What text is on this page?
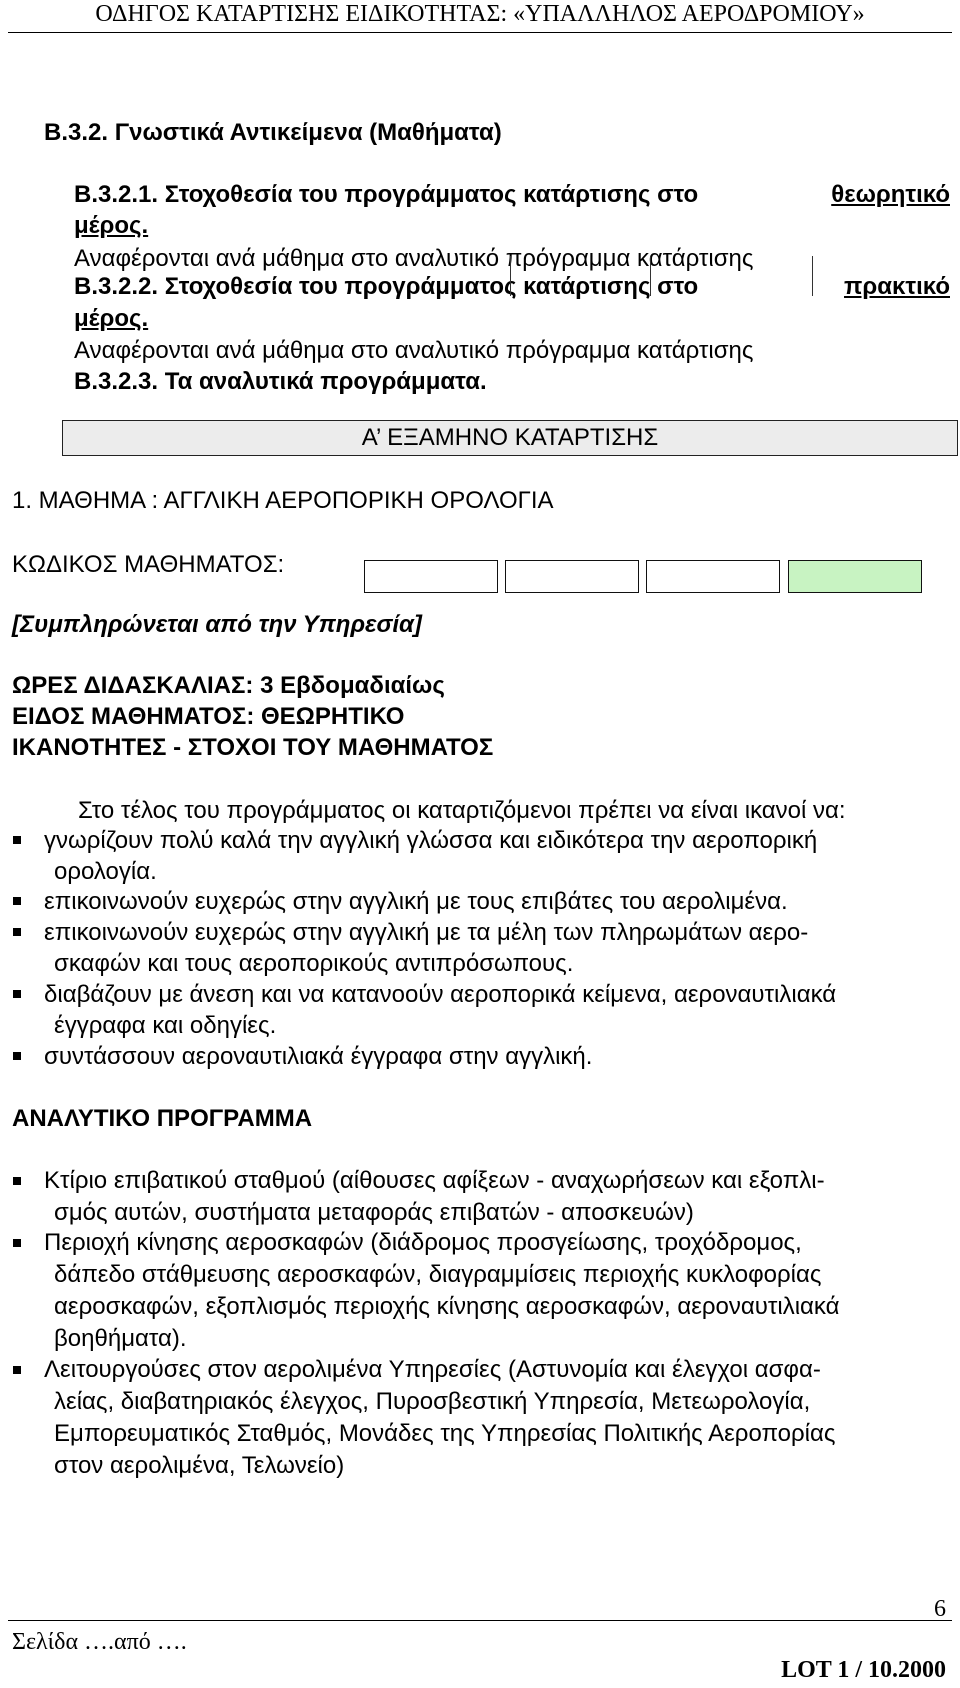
ΟΔΗΓΟΣ ΚΑΤΑΡΤΙΣΗΣ ΕΙΔΙΚΟΤΗΤΑΣ: «ΥΠΑΛΛΗΛΟΣ ΑΕΡΟΔΡΟΜΙΟΥ»
Β.3.2. Γνωστικά Αντικείμενα (Μαθήματα)
Β.3.2.1. Στοχοθεσία του προγράμματος κατάρτισης στο	θεωρητικό
μέρος.
Αναφέρονται ανά μάθημα στο αναλυτικό πρόγραμμα κατάρτισης
Β.3.2.2. Στοχοθεσία του προγράμματος κατάρτισης στο	πρακτικό
μέρος.
Αναφέρονται ανά μάθημα στο αναλυτικό πρόγραμμα κατάρτισης
Β.3.2.3. Τα αναλυτικά προγράμματα.
Α’ ΕΞΑΜΗΝΟ ΚΑΤΑΡΤΙΣΗΣ
1. ΜΑΘΗΜΑ : ΑΓΓΛΙΚΗ ΑΕΡΟΠΟΡΙΚΗ ΟΡΟΛΟΓΙΑ
ΚΩΔΙΚΟΣ ΜΑΘΗΜΑΤΟΣ:
[Συμπληρώνεται από την Υπηρεσία]
ΩΡΕΣ ΔΙΔΑΣΚΑΛΙΑΣ: 3 Εβδομαδιαίως
ΕΙΔΟΣ ΜΑΘΗΜΑΤΟΣ: ΘΕΩΡΗΤΙΚΟ
ΙΚΑΝΟΤΗΤΕΣ - ΣΤΟΧΟΙ ΤΟΥ ΜΑΘΗΜΑΤΟΣ
Στο τέλος του προγράμματος οι καταρτιζόμενοι πρέπει να είναι ικανοί να:
γνωρίζουν πολύ καλά την αγγλική γλώσσα και ειδικότερα την αεροπορική
ορολογία.
επικοινωνούν ευχερώς στην αγγλική με τους επιβάτες του αερολιμένα.
επικοινωνούν ευχερώς στην αγγλική με τα μέλη των πληρωμάτων αερο-
σκαφών και τους αεροπορικούς αντιπρόσωπους.
διαβάζουν με άνεση και να κατανοούν αεροπορικά κείμενα, αεροναυτιλιακά
έγγραφα και οδηγίες.
συντάσσουν αεροναυτιλιακά έγγραφα στην αγγλική.
ΑΝΑΛΥΤΙΚΟ ΠΡΟΓΡΑΜΜΑ
Κτίριο επιβατικού σταθμού (αίθουσες αφίξεων - αναχωρήσεων και εξοπλι-
σμός αυτών, συστήματα μεταφοράς επιβατών - αποσκευών)
Περιοχή κίνησης αεροσκαφών (διάδρομος προσγείωσης, τροχόδρομος,
δάπεδο στάθμευσης αεροσκαφών, διαγραμμίσεις περιοχής κυκλοφορίας
αεροσκαφών, εξοπλισμός περιοχής κίνησης αεροσκαφών, αεροναυτιλιακά
βοηθήματα).
Λειτουργούσες στον αερολιμένα Υπηρεσίες (Αστυνομία και έλεγχοι ασφα-
λείας, διαβατηριακός έλεγχος, Πυροσβεστική Υπηρεσία, Μετεωρολογία,
Εμπορευματικός Σταθμός, Μονάδες της Υπηρεσίας Πολιτικής Αεροπορίας
στον αερολιμένα, Τελωνείο)
6
Σελίδα ….από ….
LOT 1 / 10.2000
